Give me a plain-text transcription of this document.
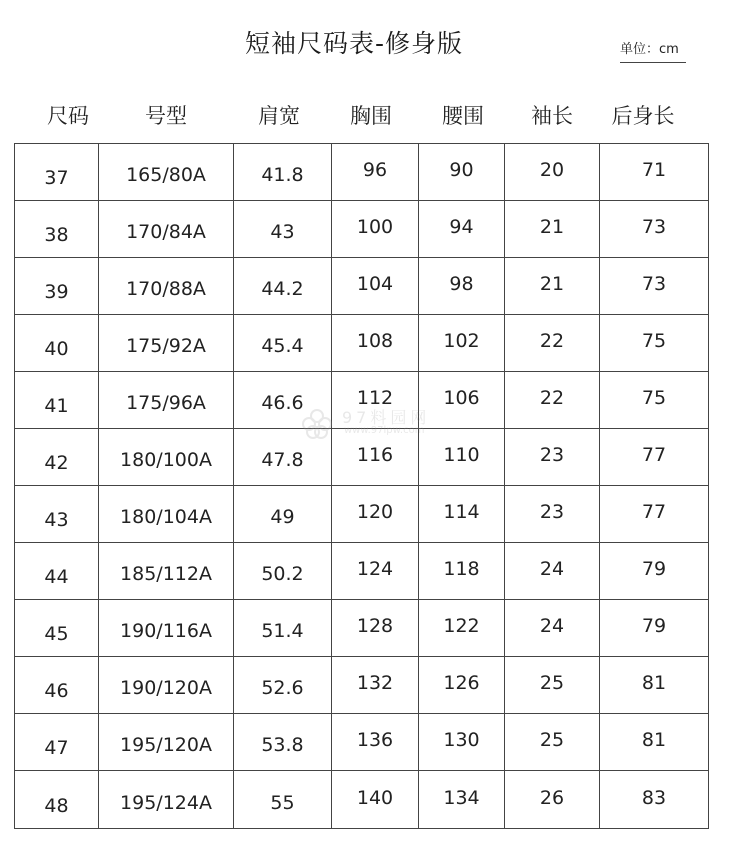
短袖尺码表-修身版	单位：cm
尺码	号型	肩宽	胸围	腰围	袖长	后身长
37	165/80A	41.8	96	90	20	71
38	170/84A	43	100	94	21	73
39	170/88A	44.2	104	98	21	73
40	175/92A	45.4	108	102	22	75
41	175/96A	46.6	112	106	22	75
42	180/100A	47.8	116	110	23	77
43	180/104A	49	120	114	23	77
44	185/112A	50.2	124	118	24	79
45	190/116A	51.4	128	122	24	79
46	190/120A	52.6	132	126	25	81
47	195/120A	53.8	136	130	25	81
48	195/124A	55	140	134	26	83
97料园网
www.97lpw.com
